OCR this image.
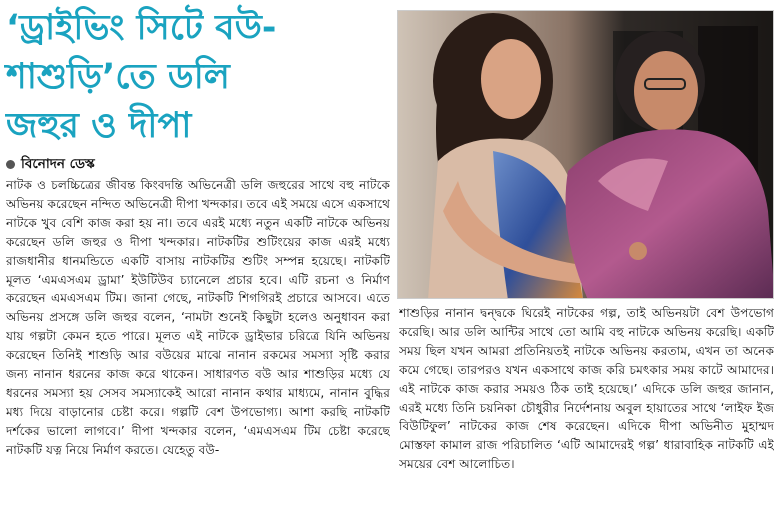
‘ড্রাইভিং সিটে বউ-
শাশুড়ি’তে ডলি
জহুর ও দীপা
বিনোদন ডেস্ক

নাটক ও চলচ্চিত্রের জীবন্ত কিংবদন্তি অভিনেত্রী ডলি জহুরের সাথে বহু নাটকে অভিনয় করেছেন নন্দিত অভিনেত্রী দীপা খন্দকার। তবে এই সময়ে এসে একসাথে নাটকে খুব বেশি কাজ করা হয় না। তবে এরই মধ্যে নতুন একটি নাটকে অভিনয় করেছেন ডলি জহুর ও দীপা খন্দকার। নাটকটির শুটিংয়ের কাজ এরই মধ্যে রাজধানীর ধানমন্ডিতে একটি বাসায় নাটকটির শুটিং সম্পন্ন হয়েছে। নাটকটি মূলত ‘এমএসএম ড্রামা’ ইউটিউব চ্যানেলে প্রচার হবে। এটি রচনা ও নির্মাণ করেছেন এমএসএম টিম। জানা গেছে, নাটকটি শিগগিরই প্রচারে আসবে। এতে অভিনয় প্রসঙ্গে ডলি জহুর বলেন, ‘নামটা শুনেই কিছুটা হলেও অনুধাবন করা যায় গল্পটা কেমন হতে পারে। মূলত এই নাটকে ড্রাইভার চরিত্রে যিনি অভিনয় করেছেন তিনিই শাশুড়ি আর বউয়ের মাঝে নানান রকমের সমস্যা সৃষ্টি করার জন্য নানান ধরনের কাজ করে থাকেন। সাধারণত বউ আর শাশুড়ির মধ্যে যে ধরনের সমস্যা হয় সেসব সমস্যাকেই আরো নানান কথার মাধ্যমে, নানান বুদ্ধির মধ্য দিয়ে বাড়ানোর চেষ্টা করে। গল্পটি বেশ উপভোগ্য। আশা করছি নাটকটি দর্শকের ভালো লাগবে।’ দীপা খন্দকার বলেন, ‘এমএসএম টিম চেষ্টা করেছে নাটকটি যত্ন নিয়ে নির্মাণ করতে। যেহেতু বউ-

শাশুড়ির নানান দ্বন্দ্বকে ঘিরেই নাটকের গল্প, তাই অভিনয়টা বেশ উপভোগ করেছি। আর ডলি আন্টির সাথে তো আমি বহু নাটকে অভিনয় করেছি। একটি সময় ছিল যখন আমরা প্রতিনিয়তই নাটকে অভিনয় করতাম, এখন তা অনেক কমে গেছে। তারপরও যখন একসাথে কাজ করি চমৎকার সময় কাটে আমাদের। এই নাটকে কাজ করার সময়ও ঠিক তাই হয়েছে।’ এদিকে ডলি জহুর জানান, এরই মধ্যে তিনি চয়নিকা চৌধুরীর নির্দেশনায় অবুল হায়াতের সাথে ‘লাইফ ইজ বিউটিফুল’ নাটকের কাজ শেষ করেছেন। এদিকে দীপা অভিনীত মুহাম্মদ মোস্তফা কামাল রাজ পরিচালিত ‘এটি আমাদেরই গল্প’ ধারাবাহিক নাটকটি এই সময়ের বেশ আলোচিত।
